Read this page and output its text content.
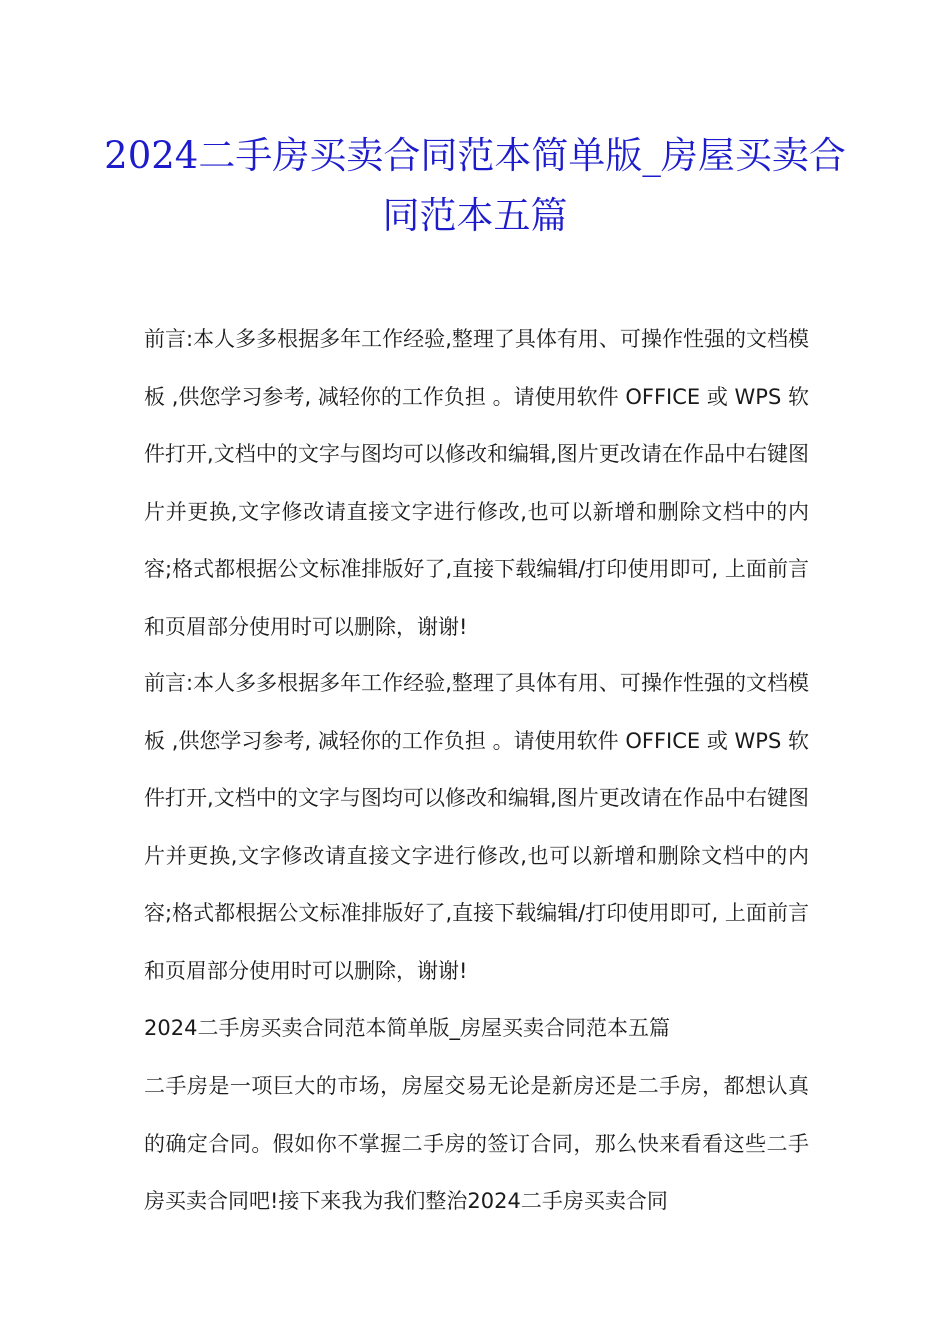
2024二手房买卖合同范本简单版_房屋买卖合同范本五篇

前言:本人多多根据多年工作经验,整理了具体有用、可操作性强的文档模板 ,供您学习参考, 减轻你的工作负担 。请使用软件 OFFICE 或 WPS 软件打开,文档中的文字与图均可以修改和编辑,图片更改请在作品中右键图片并更换,文字修改请直接文字进行修改,也可以新增和删除文档中的内容;格式都根据公文标准排版好了,直接下载编辑/打印使用即可, 上面前言和页眉部分使用时可以删除，谢谢!

前言:本人多多根据多年工作经验,整理了具体有用、可操作性强的文档模板 ,供您学习参考, 减轻你的工作负担 。请使用软件 OFFICE 或 WPS 软件打开,文档中的文字与图均可以修改和编辑,图片更改请在作品中右键图片并更换,文字修改请直接文字进行修改,也可以新增和删除文档中的内容;格式都根据公文标准排版好了,直接下载编辑/打印使用即可, 上面前言和页眉部分使用时可以删除，谢谢!

2024二手房买卖合同范本简单版_房屋买卖合同范本五篇

二手房是一项巨大的市场，房屋交易无论是新房还是二手房，都想认真的确定合同。假如你不掌握二手房的签订合同，那么快来看看这些二手房买卖合同吧!接下来我为我们整治2024二手房买卖合同
